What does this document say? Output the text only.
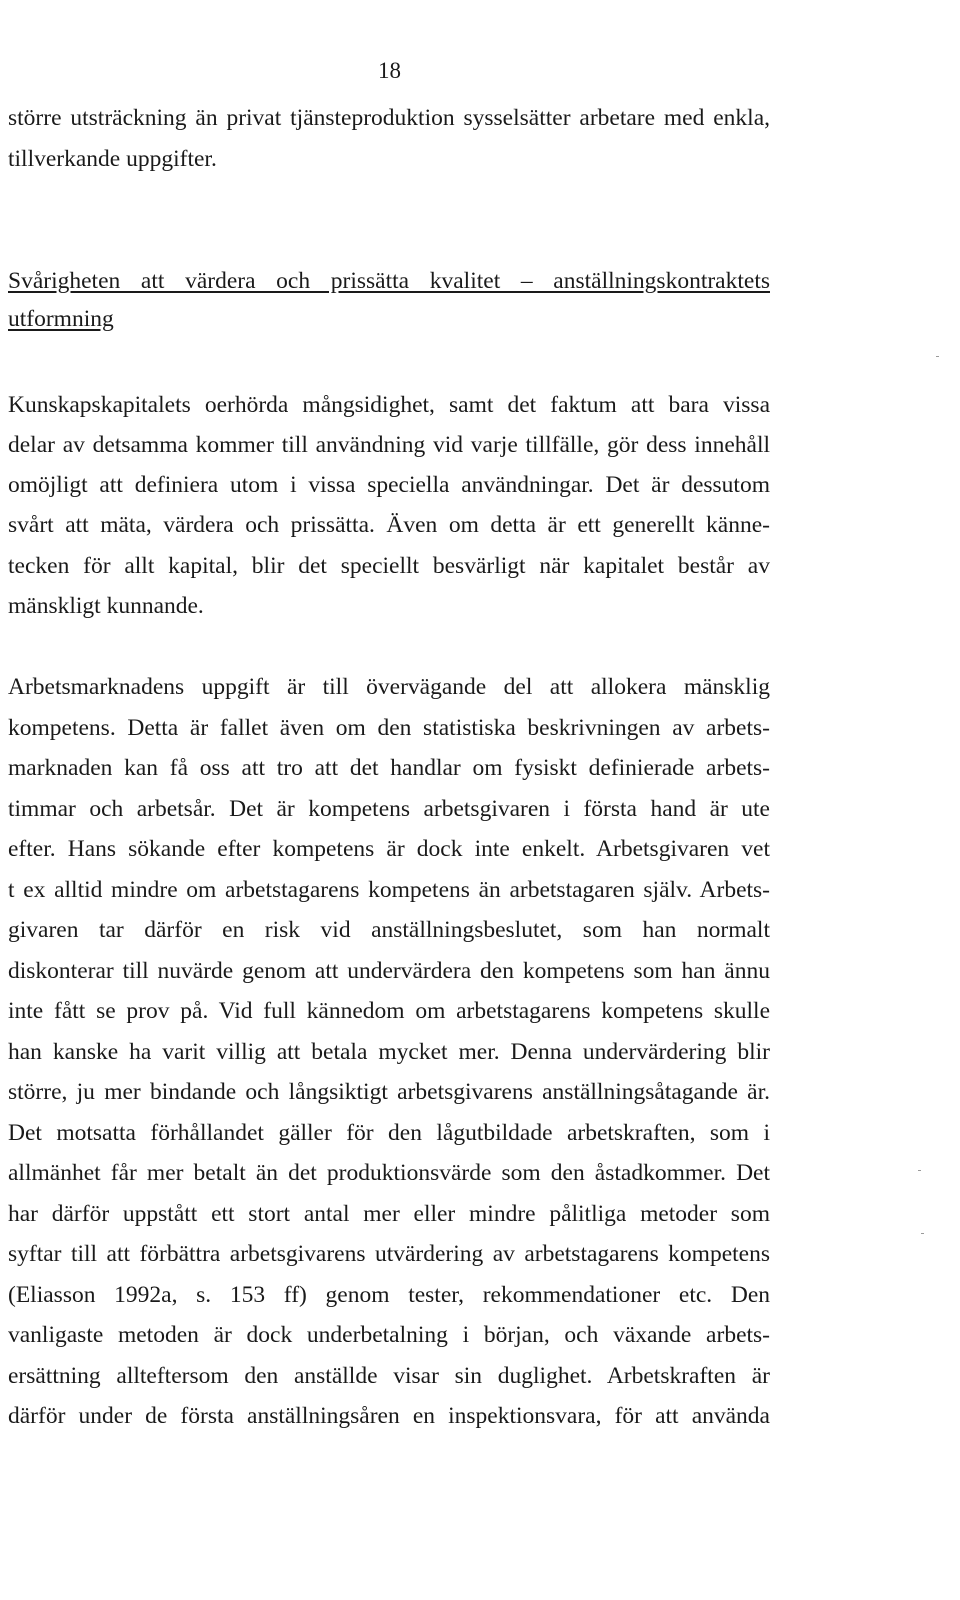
18
större utsträckning än privat tjänsteproduktion sysselsätter arbetare med enkla,
tillverkande uppgifter.
Svårigheten att värdera och prissätta kvalitet – anställningskontraktets
utformning
Kunskapskapitalets oerhörda mångsidighet, samt det faktum att bara vissa
delar av detsamma kommer till användning vid varje tillfälle, gör dess innehåll
omöjligt att definiera utom i vissa speciella användningar. Det är dessutom
svårt att mäta, värdera och prissätta. Även om detta är ett generellt känne-
tecken för allt kapital, blir det speciellt besvärligt när kapitalet består av
mänskligt kunnande.
Arbetsmarknadens uppgift är till övervägande del att allokera mänsklig
kompetens. Detta är fallet även om den statistiska beskrivningen av arbets-
marknaden kan få oss att tro att det handlar om fysiskt definierade arbets-
timmar och arbetsår. Det är kompetens arbetsgivaren i första hand är ute
efter. Hans sökande efter kompetens är dock inte enkelt. Arbetsgivaren vet
t ex alltid mindre om arbetstagarens kompetens än arbetstagaren själv. Arbets-
givaren tar därför en risk vid anställningsbeslutet, som han normalt
diskonterar till nuvärde genom att undervärdera den kompetens som han ännu
inte fått se prov på. Vid full kännedom om arbetstagarens kompetens skulle
han kanske ha varit villig att betala mycket mer. Denna undervärdering blir
större, ju mer bindande och långsiktigt arbetsgivarens anställningsåtagande är.
Det motsatta förhållandet gäller för den lågutbildade arbetskraften, som i
allmänhet får mer betalt än det produktionsvärde som den åstadkommer. Det
har därför uppstått ett stort antal mer eller mindre pålitliga metoder som
syftar till att förbättra arbetsgivarens utvärdering av arbetstagarens kompetens
(Eliasson 1992a, s. 153 ff) genom tester, rekommendationer etc. Den
vanligaste metoden är dock underbetalning i början, och växande arbets-
ersättning allteftersom den anställde visar sin duglighet. Arbetskraften är
därför under de första anställningsåren en inspektionsvara, för att använda
